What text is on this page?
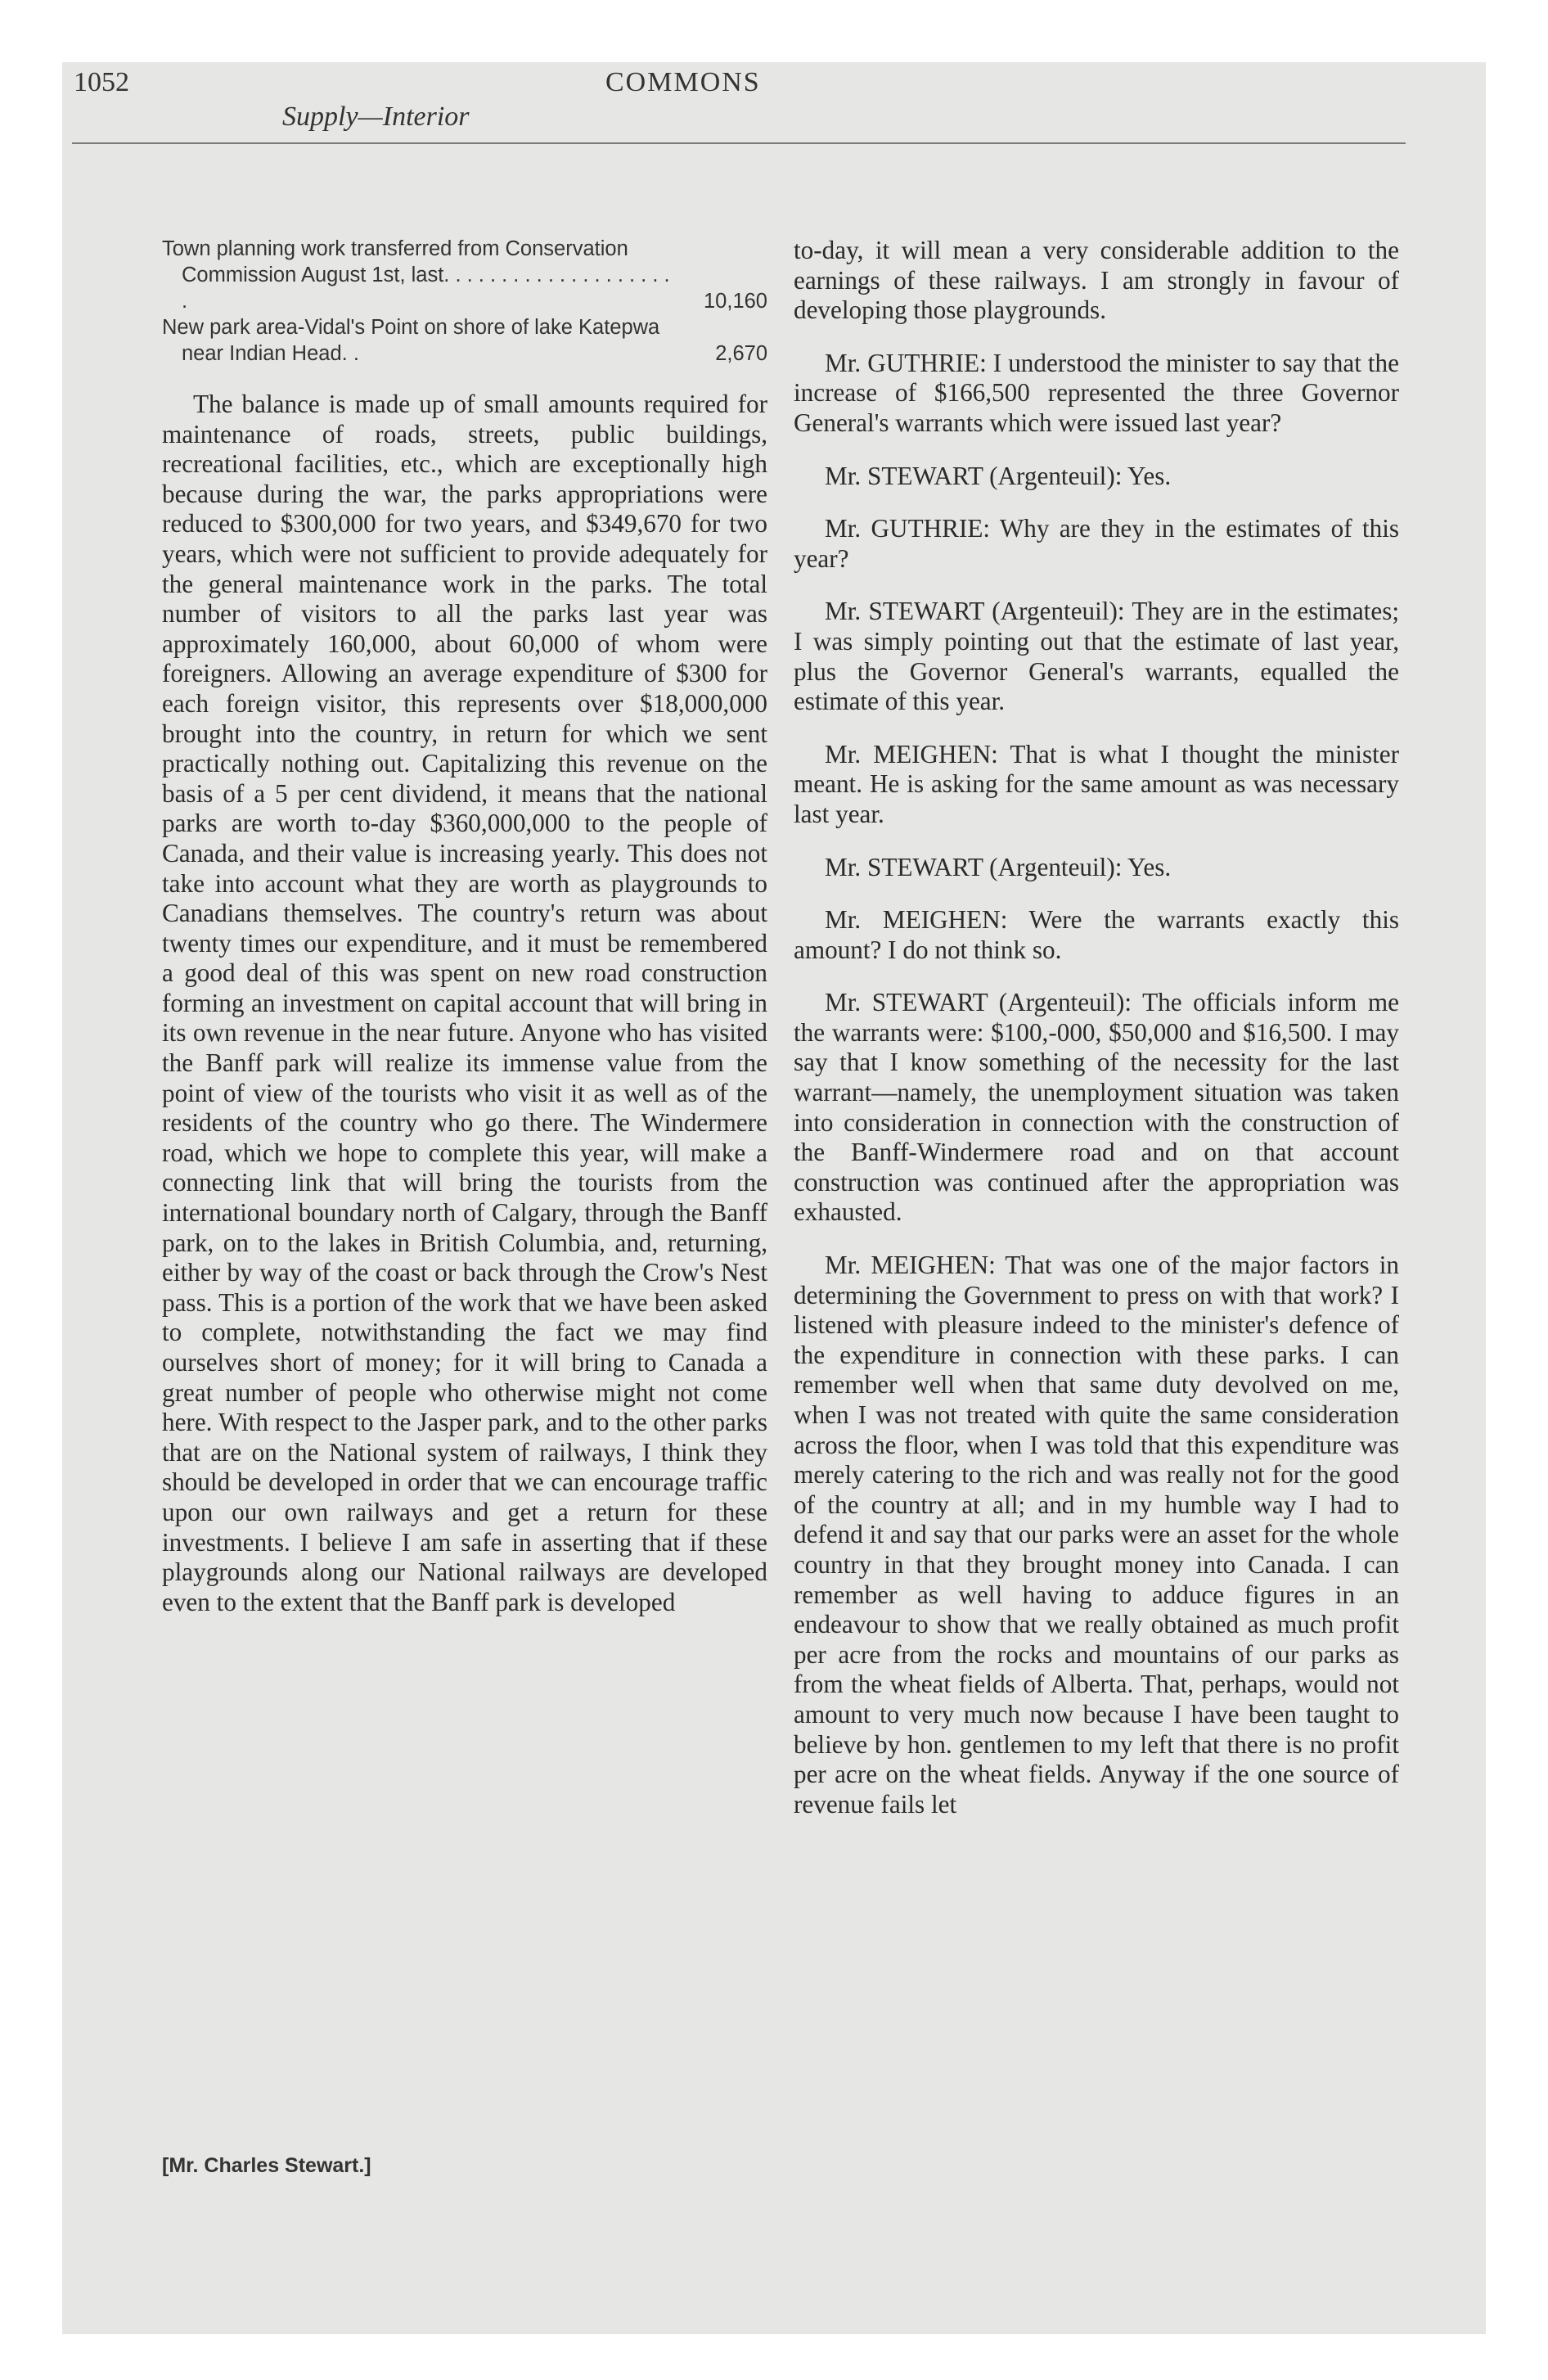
1052	COMMONS
Supply—Interior
Town planning work transferred from Conservation Commission August 1st, last. . . . . . . . . . . . . . . . . . . . .	10,160
New park area-Vidal's Point on shore of lake Katepwa near Indian Head. .	2,670

The balance is made up of small amounts required for maintenance of roads, streets, public buildings, recreational facilities, etc., which are exceptionally high because during the war, the parks appropriations were reduced to $300,000 for two years, and $349,670 for two years, which were not sufficient to provide adequately for the general maintenance work in the parks. The total number of visitors to all the parks last year was approximately 160,000, about 60,000 of whom were foreigners. Allowing an average expenditure of $300 for each foreign visitor, this represents over $18,000,000 brought into the country, in return for which we sent practically nothing out. Capitalizing this revenue on the basis of a 5 per cent dividend, it means that the national parks are worth to-day $360,000,000 to the people of Canada, and their value is increasing yearly. This does not take into account what they are worth as playgrounds to Canadians themselves. The country's return was about twenty times our expenditure, and it must be remembered a good deal of this was spent on new road construction forming an investment on capital account that will bring in its own revenue in the near future. Anyone who has visited the Banff park will realize its immense value from the point of view of the tourists who visit it as well as of the residents of the country who go there. The Windermere road, which we hope to complete this year, will make a connecting link that will bring the tourists from the international boundary north of Calgary, through the Banff park, on to the lakes in British Columbia, and, returning, either by way of the coast or back through the Crow's Nest pass. This is a portion of the work that we have been asked to complete, notwithstanding the fact we may find ourselves short of money; for it will bring to Canada a great number of people who otherwise might not come here. With respect to the Jasper park, and to the other parks that are on the National system of railways, I think they should be developed in order that we can encourage traffic upon our own railways and get a return for these investments. I believe I am safe in asserting that if these playgrounds along our National railways are developed even to the extent that the Banff park is developed

[Mr. Charles Stewart.]

to-day, it will mean a very considerable addition to the earnings of these railways. I am strongly in favour of developing those playgrounds.

Mr. GUTHRIE: I understood the minister to say that the increase of $166,500 represented the three Governor General's warrants which were issued last year?

Mr. STEWART (Argenteuil): Yes.

Mr. GUTHRIE: Why are they in the estimates of this year?

Mr. STEWART (Argenteuil): They are in the estimates; I was simply pointing out that the estimate of last year, plus the Governor General's warrants, equalled the estimate of this year.

Mr. MEIGHEN: That is what I thought the minister meant. He is asking for the same amount as was necessary last year.

Mr. STEWART (Argenteuil): Yes.

Mr. MEIGHEN: Were the warrants exactly this amount? I do not think so.

Mr. STEWART (Argenteuil): The officials inform me the warrants were: $100,-000, $50,000 and $16,500. I may say that I know something of the necessity for the last warrant—namely, the unemployment situation was taken into consideration in connection with the construction of the Banff-Windermere road and on that account construction was continued after the appropriation was exhausted.

Mr. MEIGHEN: That was one of the major factors in determining the Government to press on with that work? I listened with pleasure indeed to the minister's defence of the expenditure in connection with these parks. I can remember well when that same duty devolved on me, when I was not treated with quite the same consideration across the floor, when I was told that this expenditure was merely catering to the rich and was really not for the good of the country at all; and in my humble way I had to defend it and say that our parks were an asset for the whole country in that they brought money into Canada. I can remember as well having to adduce figures in an endeavour to show that we really obtained as much profit per acre from the rocks and mountains of our parks as from the wheat fields of Alberta. That, perhaps, would not amount to very much now because I have been taught to believe by hon. gentlemen to my left that there is no profit per acre on the wheat fields. Anyway if the one source of revenue fails let
